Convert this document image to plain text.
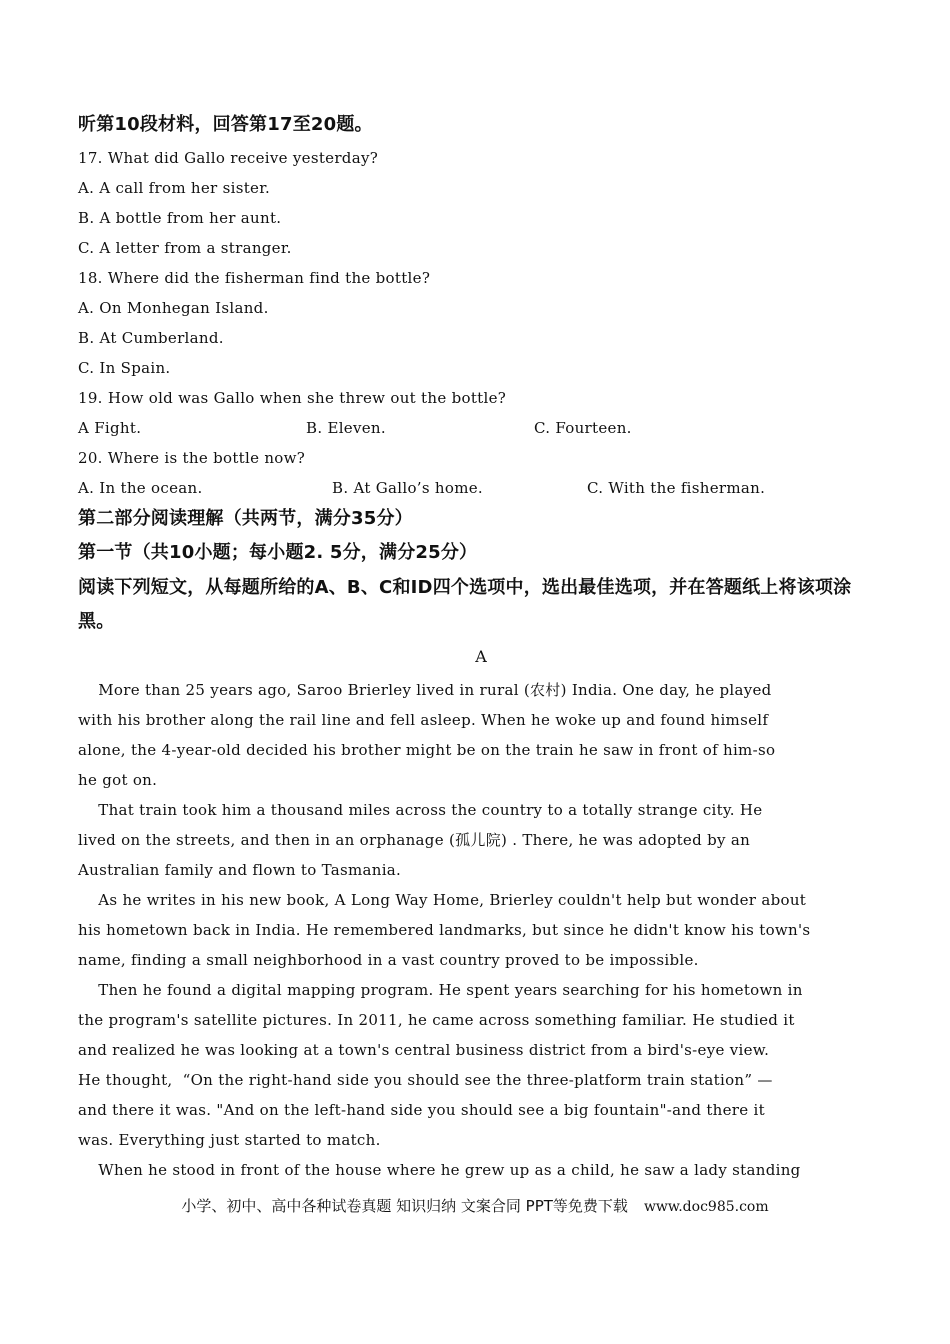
听第10段材料，回答第17至20题。
17. What did Gallo receive yesterday?
A. A call from her sister.
B. A bottle from her aunt.
C. A letter from a stranger.
18. Where did the fisherman find the bottle?
A. On Monhegan Island.
B. At Cumberland.
C. In Spain.
19. How old was Gallo when she threw out the bottle?
A Fight.	B. Eleven.	C. Fourteen.
20. Where is the bottle now?
A. In the ocean.	B. At Gallo’s home.	C. With the fisherman.
第二部分阅读理解（共两节，满分35分）
第一节（共10小题；每小题2. 5分，满分25分）
阅读下列短文，从每题所给的A、B、C和ID四个选项中，选出最佳选项，并在答题纸上将该项涂
黑。
A

More than 25 years ago, Saroo Brierley lived in rural (农村) India. One day, he played

with his brother along the rail line and fell asleep. When he woke up and found himself

alone, the 4-year-old decided his brother might be on the train he saw in front of him-so

he got on.

That train took him a thousand miles across the country to a totally strange city. He

lived on the streets, and then in an orphanage (孤儿院) . There, he was adopted by an

Australian family and flown to Tasmania.

As he writes in his new book, A Long Way Home, Brierley couldn't help but wonder about

his hometown back in India. He remembered landmarks, but since he didn't know his town's

name, finding a small neighborhood in a vast country proved to be impossible.

Then he found a digital mapping program. He spent years searching for his hometown in

the program's satellite pictures. In 2011, he came across something familiar. He studied it

and realized he was looking at a town's central business district from a bird's-eye view.

He thought,  “On the right-hand side you should see the three-platform train station” —

and there it was. "And on the left-hand side you should see a big fountain"-and there it

was. Everything just started to match.

When he stood in front of the house where he grew up as a child, he saw a lady standing

小学、初中、高中各种试卷真题 知识归纳 文案合同 PPT等免费下载 www.doc985.com
